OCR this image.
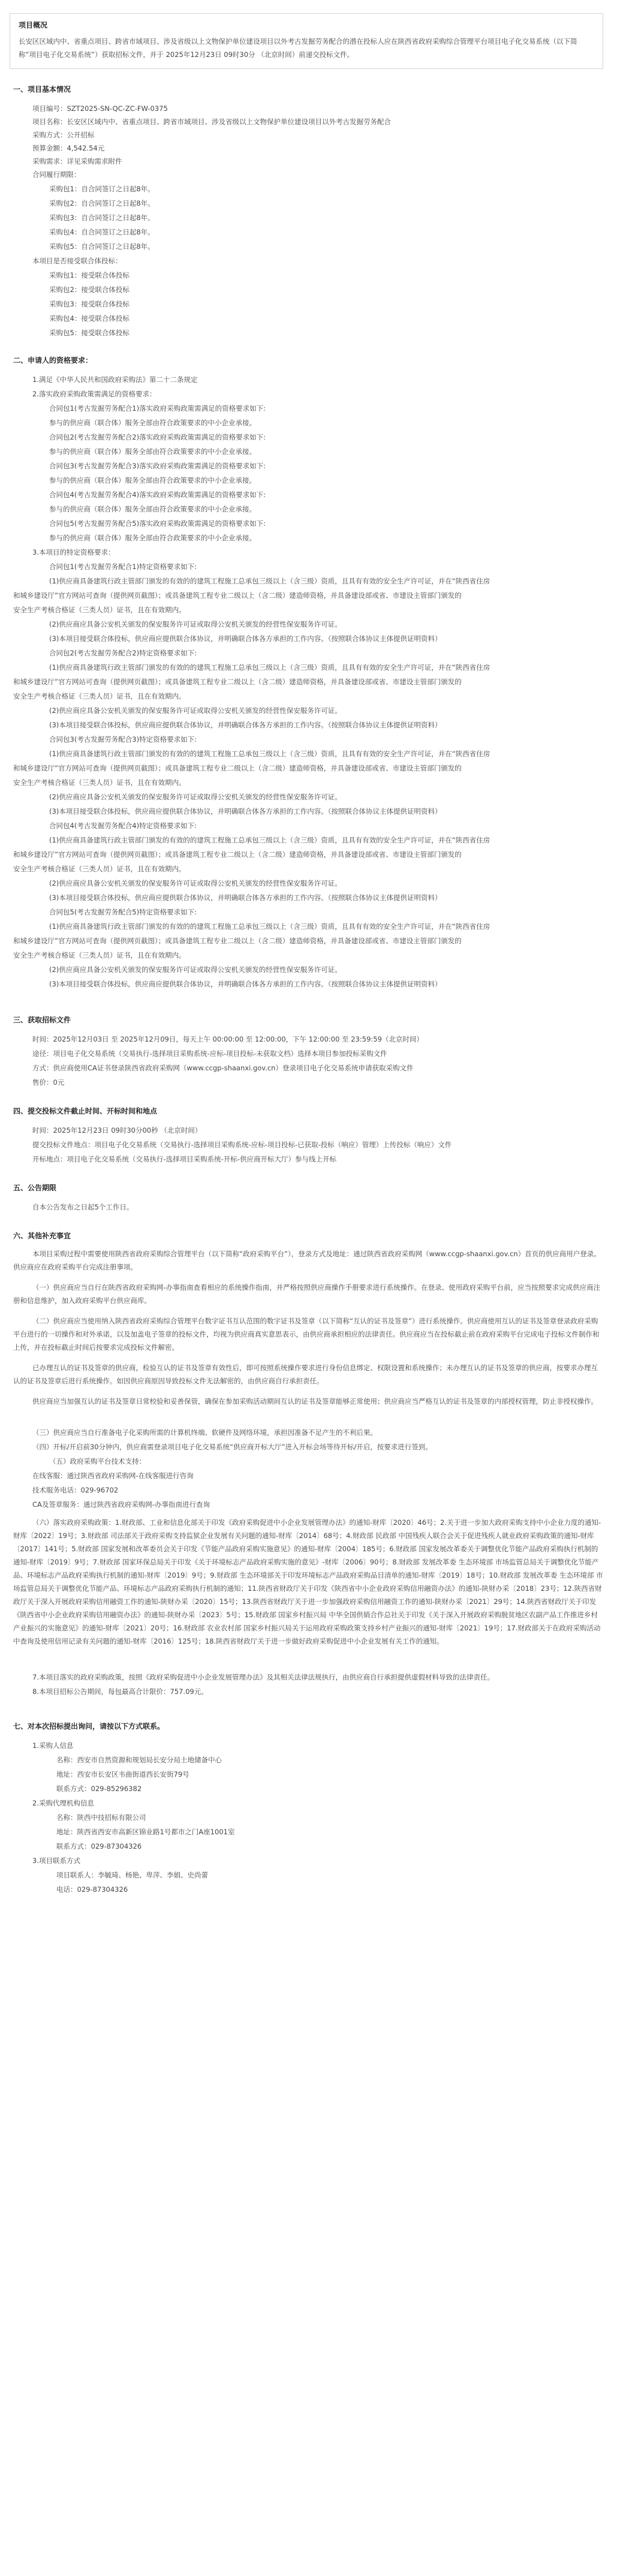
项目概况
长安区区域内中、省重点项目、跨省市域项目、涉及省级以上文物保护单位建设项目以外考古发掘劳务配合的潜在投标人应在陕西省政府采购综合管理平台项目电子化交易系统（以下简称“项目电子化交易系统”）获取招标文件，并于 2025年12月23日 09时30分 （北京时间）前递交投标文件。
一、项目基本情况
项目编号：SZT2025-SN-QC-ZC-FW-0375
项目名称：长安区区域内中、省重点项目、跨省市域项目、涉及省级以上文物保护单位建设项目以外考古发掘劳务配合
采购方式：公开招标
预算金额：4,542.54元
采购需求：详见采购需求附件
合同履行期限：
采购包1：自合同签订之日起8年。
采购包2：自合同签订之日起8年。
采购包3：自合同签订之日起8年。
采购包4：自合同签订之日起8年。
采购包5：自合同签订之日起8年。
本项目是否接受联合体投标：
采购包1：接受联合体投标
采购包2：接受联合体投标
采购包3：接受联合体投标
采购包4：接受联合体投标
采购包5：接受联合体投标
二、申请人的资格要求：
1.满足《中华人民共和国政府采购法》第二十二条规定
2.落实政府采购政策需满足的资格要求：
合同包1(考古发掘劳务配合1)落实政府采购政策需满足的资格要求如下:
参与的供应商（联合体）服务全部由符合政策要求的中小企业承接。
合同包2(考古发掘劳务配合2)落实政府采购政策需满足的资格要求如下:
参与的供应商（联合体）服务全部由符合政策要求的中小企业承接。
合同包3(考古发掘劳务配合3)落实政府采购政策需满足的资格要求如下:
参与的供应商（联合体）服务全部由符合政策要求的中小企业承接。
合同包4(考古发掘劳务配合4)落实政府采购政策需满足的资格要求如下:
参与的供应商（联合体）服务全部由符合政策要求的中小企业承接。
合同包5(考古发掘劳务配合5)落实政府采购政策需满足的资格要求如下:
参与的供应商（联合体）服务全部由符合政策要求的中小企业承接。
3.本项目的特定资格要求：
合同包1(考古发掘劳务配合1)特定资格要求如下:
(1)供应商具备建筑行政主管部门颁发的有效的的建筑工程施工总承包三级以上（含三级）资质，且具有有效的安全生产许可证，并在“陕西省住房
和城乡建设厅”官方网站可查询（提供网页截图）；或具备建筑工程专业二级以上（含二级）建造师资格，并具备建设部或省、市建设主管部门颁发的
安全生产考核合格证（三类人员）证书，且在有效期内。
(2)供应商应具备公安机关颁发的保安服务许可证或取得公安机关颁发的经营性保安服务许可证。
(3)本项目接受联合体投标，供应商应提供联合体协议，并明确联合体各方承担的工作内容。（按照联合体协议主体提供证明资料）
合同包2(考古发掘劳务配合2)特定资格要求如下:
(1)供应商具备建筑行政主管部门颁发的有效的的建筑工程施工总承包三级以上（含三级）资质，且具有有效的安全生产许可证，并在“陕西省住房
和城乡建设厅”官方网站可查询（提供网页截图）；或具备建筑工程专业二级以上（含二级）建造师资格，并具备建设部或省、市建设主管部门颁发的
安全生产考核合格证（三类人员）证书，且在有效期内。
(2)供应商应具备公安机关颁发的保安服务许可证或取得公安机关颁发的经营性保安服务许可证。
(3)本项目接受联合体投标，供应商应提供联合体协议，并明确联合体各方承担的工作内容。（按照联合体协议主体提供证明资料）
合同包3(考古发掘劳务配合3)特定资格要求如下:
(1)供应商具备建筑行政主管部门颁发的有效的的建筑工程施工总承包三级以上（含三级）资质，且具有有效的安全生产许可证，并在“陕西省住房
和城乡建设厅”官方网站可查询（提供网页截图）；或具备建筑工程专业二级以上（含二级）建造师资格，并具备建设部或省、市建设主管部门颁发的
安全生产考核合格证（三类人员）证书，且在有效期内。
(2)供应商应具备公安机关颁发的保安服务许可证或取得公安机关颁发的经营性保安服务许可证。
(3)本项目接受联合体投标，供应商应提供联合体协议，并明确联合体各方承担的工作内容。（按照联合体协议主体提供证明资料）
合同包4(考古发掘劳务配合4)特定资格要求如下:
(1)供应商具备建筑行政主管部门颁发的有效的的建筑工程施工总承包三级以上（含三级）资质，且具有有效的安全生产许可证，并在“陕西省住房
和城乡建设厅”官方网站可查询（提供网页截图）；或具备建筑工程专业二级以上（含二级）建造师资格，并具备建设部或省、市建设主管部门颁发的
安全生产考核合格证（三类人员）证书，且在有效期内。
(2)供应商应具备公安机关颁发的保安服务许可证或取得公安机关颁发的经营性保安服务许可证。
(3)本项目接受联合体投标，供应商应提供联合体协议，并明确联合体各方承担的工作内容。（按照联合体协议主体提供证明资料）
合同包5(考古发掘劳务配合5)特定资格要求如下:
(1)供应商具备建筑行政主管部门颁发的有效的的建筑工程施工总承包三级以上（含三级）资质，且具有有效的安全生产许可证，并在“陕西省住房
和城乡建设厅”官方网站可查询（提供网页截图）；或具备建筑工程专业二级以上（含二级）建造师资格，并具备建设部或省、市建设主管部门颁发的
安全生产考核合格证（三类人员）证书，且在有效期内。
(2)供应商应具备公安机关颁发的保安服务许可证或取得公安机关颁发的经营性保安服务许可证。
(3)本项目接受联合体投标，供应商应提供联合体协议，并明确联合体各方承担的工作内容。（按照联合体协议主体提供证明资料）
三、获取招标文件
时间：2025年12月03日 至 2025年12月09日，每天上午 00:00:00 至 12:00:00，下午 12:00:00 至 23:59:59（北京时间）
途径：项目电子化交易系统（交易执行-选择项目采购系统-应标-项目投标-未获取文档）选择本项目参加投标采购文件
方式：供应商使用CA证书登录陕西省政府采购网（www.ccgp-shaanxi.gov.cn）登录项目电子化交易系统申请获取采购文件
售价：0元
四、提交投标文件截止时间、开标时间和地点
时间：2025年12月23日 09时30分00秒 （北京时间）
提交投标文件地点：项目电子化交易系统（交易执行-选择项目采购系统-应标-项目投标-已获取-投标（响应）管理）上传投标（响应）文件
开标地点：项目电子化交易系统（交易执行-选择项目采购系统-开标-供应商开标大厅）参与线上开标
五、公告期限
自本公告发布之日起5个工作日。
六、其他补充事宜
本项目采购过程中需要使用陕西省政府采购综合管理平台（以下简称“政府采购平台”），登录方式及地址：通过陕西省政府采购网（www.ccgp-shaanxi.gov.cn）首页的供应商用户登录。供应商应在政府采购平台完成注册事项。
（一）供应商应当自行在陕西省政府采购网-办事指南查看相应的系统操作指南，并严格按照供应商操作手册要求进行系统操作。在登录、使用政府采购平台前，应当按照要求完成供应商注册和信息维护，加入政府采购平台供应商库。
（二）供应商应当使用纳入陕西省政府采购综合管理平台数字证书互认范围的数字证书及签章（以下简称“互认的证书及签章”）进行系统操作。供应商使用互认的证书及签章登录政府采购平台进行的一切操作和对外承诺，以及加盖电子签章的投标文件，均视为供应商真实意思表示，由供应商承担相应的法律责任。供应商应当在投标截止前在政府采购平台完成电子投标文件制作和上传，并在投标截止时间后按要求完成投标文件解密。
已办理互认的证书及签章的供应商，检验互认的证书及签章有效性后，即可按照系统操作要求进行身份信息绑定、权限设置和系统操作；未办理互认的证书及签章的供应商，按要求办理互认的证书及签章后进行系统操作。如因供应商原因导致投标文件无法解密的，由供应商自行承担责任。
供应商应当加强互认的证书及签章日常校验和妥善保管，确保在参加采购活动期间互认的证书及签章能够正常使用；供应商应当严格互认的证书及签章的内部授权管理，防止非授权操作。
（三）供应商应当自行准备电子化采购所需的计算机终端、软硬件及网络环境，承担因准备不足产生的不利后果。
（四）开标/开启前30分钟内，供应商需登录项目电子化交易系统“供应商开标大厅”进入开标会场等待开标/开启，按要求进行签到。
（五）政府采购平台技术支持：
在线客服：通过陕西省政府采购网-在线客服进行咨询
技术服务电话：029-96702
CA及签章服务：通过陕西省政府采购网-办事指南进行查询
（六）落实政府采购政策：1.财政部、工业和信息化部关于印发《政府采购促进中小企业发展管理办法》的通知-财库〔2020〕46号；2.关于进一步加大政府采购支持中小企业力度的通知-财库〔2022〕19号；3.财政部 司法部关于政府采购支持监狱企业发展有关问题的通知-财库〔2014〕68号；4.财政部 民政部 中国残疾人联合会关于促进残疾人就业政府采购政策的通知-财库〔2017〕141号；5.财政部 国家发展和改革委员会关于印发《节能产品政府采购实施意见》的通知-财库〔2004〕185号；6.财政部 国家发展改革委关于调整优化节能产品政府采购执行机制的通知-财库〔2019〕9号；7.财政部 国家环保总局关于印发《关于环境标志产品政府采购实施的意见》-财库〔2006〕90号；8.财政部 发展改革委 生态环境部 市场监管总局关于调整优化节能产品、环境标志产品政府采购执行机制的通知-财库〔2019〕9号；9.财政部 生态环境部关于印发环境标志产品政府采购品目清单的通知-财库〔2019〕18号；10.财政部 发展改革委 生态环境部 市场监管总局关于调整优化节能产品、环境标志产品政府采购执行机制的通知；11.陕西省财政厅关于印发《陕西省中小企业政府采购信用融资办法》的通知-陕财办采〔2018〕23号；12.陕西省财政厅关于深入开展政府采购信用融资工作的通知-陕财办采〔2020〕15号；13.陕西省财政厅关于进一步加强政府采购信用融资工作的通知-陕财办采〔2021〕29号；14.陕西省财政厅关于印发《陕西省中小企业政府采购信用融资办法》的通知-陕财办采〔2023〕5号；15.财政部 国家乡村振兴局 中华全国供销合作总社关于印发《关于深入开展政府采购脱贫地区农副产品工作推进乡村产业振兴的实施意见》的通知-财库〔2021〕20号；16.财政部 农业农村部 国家乡村振兴局关于运用政府采购政策支持乡村产业振兴的通知-财库〔2021〕19号；17.财政部关于在政府采购活动中查询及使用信用记录有关问题的通知-财库〔2016〕125号；18.陕西省财政厅关于进一步做好政府采购促进中小企业发展有关工作的通知。
7.本项目落实的政府采购政策，按照《政府采购促进中小企业发展管理办法》及其相关法律法规执行，由供应商自行承担提供虚假材料导致的法律责任。
8.本项目招标公告期间，每包最高合计限价：757.09元。
七、对本次招标提出询问，请按以下方式联系。
1.采购人信息
名称：西安市自然资源和规划局长安分局土地储备中心
地址：西安市长安区韦曲街道西长安街79号
联系方式：029-85296382
2.采购代理机构信息
名称：陕西中技招标有限公司
地址：陕西省西安市高新区锦业路1号都市之门A座1001室
联系方式：029-87304326
3.项目联系方式
项目联系人：李毓琦、杨艳、卑萍、李娟、史尚蕾
电话：029-87304326
